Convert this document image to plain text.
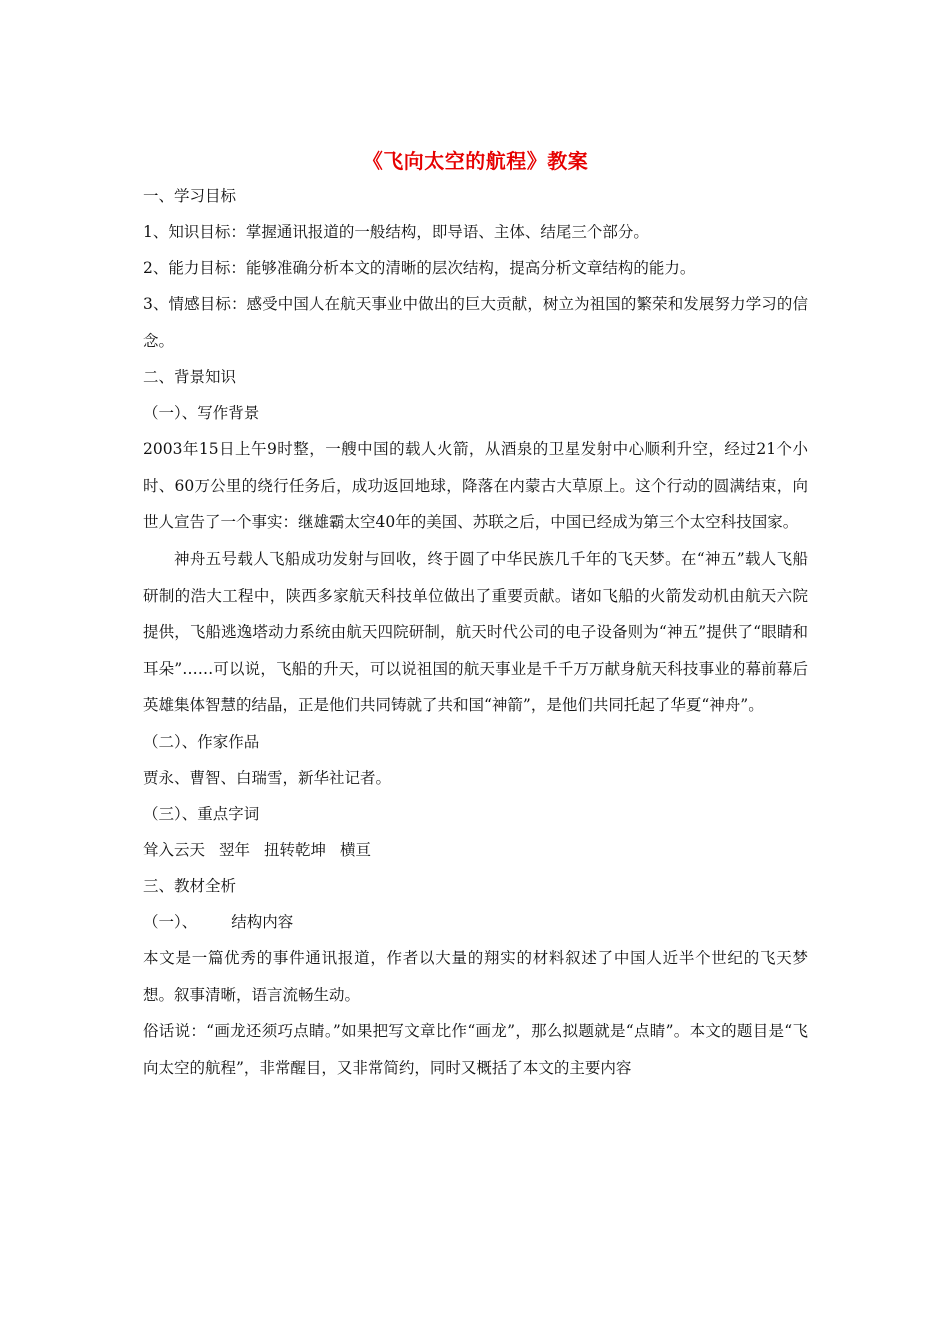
《飞向太空的航程》教案

一、学习目标

1、知识目标：掌握通讯报道的一般结构，即导语、主体、结尾三个部分。

2、能力目标：能够准确分析本文的清晰的层次结构，提高分析文章结构的能力。

3、情感目标：感受中国人在航天事业中做出的巨大贡献，树立为祖国的繁荣和发展努力学习的信念。

二、背景知识

（一）、写作背景

2003年15日上午9时整，一艘中国的载人火箭，从酒泉的卫星发射中心顺利升空，经过21个小时、60万公里的绕行任务后，成功返回地球，降落在内蒙古大草原上。这个行动的圆满结束，向世人宣告了一个事实：继雄霸太空40年的美国、苏联之后，中国已经成为第三个太空科技国家。

神舟五号载人飞船成功发射与回收，终于圆了中华民族几千年的飞天梦。在“神五”载人飞船研制的浩大工程中，陕西多家航天科技单位做出了重要贡献。诸如飞船的火箭发动机由航天六院提供，飞船逃逸塔动力系统由航天四院研制，航天时代公司的电子设备则为“神五”提供了“眼睛和耳朵”……可以说，飞船的升天，可以说祖国的航天事业是千千万万献身航天科技事业的幕前幕后英雄集体智慧的结晶，正是他们共同铸就了共和国“神箭”，是他们共同托起了华夏“神舟”。

（二）、作家作品

贾永、曹智、白瑞雪，新华社记者。

（三）、重点字词

耸入云天 翌年 扭转乾坤 横亘

三、教材全析

（一）、 结构内容

本文是一篇优秀的事件通讯报道，作者以大量的翔实的材料叙述了中国人近半个世纪的飞天梦想。叙事清晰，语言流畅生动。

俗话说：“画龙还须巧点睛。”如果把写文章比作“画龙”，那么拟题就是“点睛”。本文的题目是“飞向太空的航程”，非常醒目，又非常简约，同时又概括了本文的主要内容
